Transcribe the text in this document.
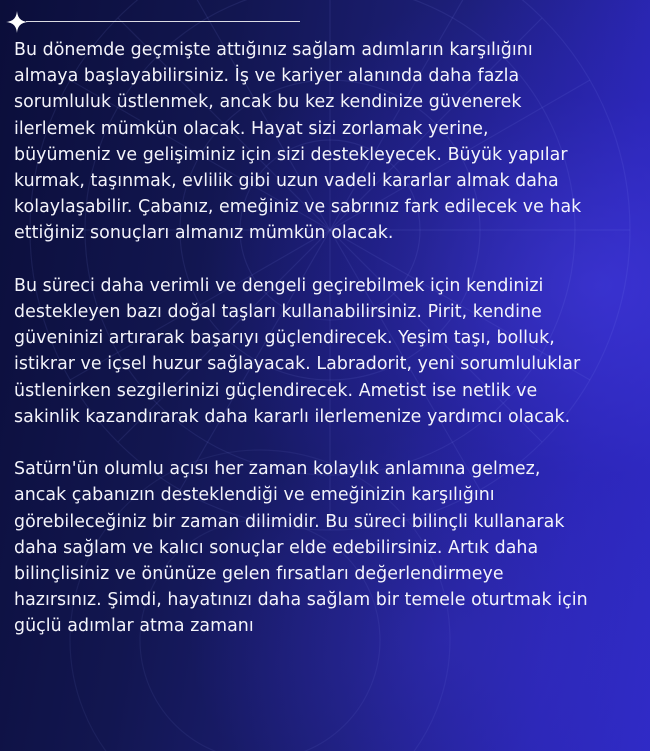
Bu dönemde geçmişte attığınız sağlam adımların karşılığını
almaya başlayabilirsiniz. İş ve kariyer alanında daha fazla
sorumluluk üstlenmek, ancak bu kez kendinize güvenerek
ilerlemek mümkün olacak. Hayat sizi zorlamak yerine,
büyümeniz ve gelişiminiz için sizi destekleyecek. Büyük yapılar
kurmak, taşınmak, evlilik gibi uzun vadeli kararlar almak daha
kolaylaşabilir. Çabanız, emeğiniz ve sabrınız fark edilecek ve hak
ettiğiniz sonuçları almanız mümkün olacak.

Bu süreci daha verimli ve dengeli geçirebilmek için kendinizi
destekleyen bazı doğal taşları kullanabilirsiniz. Pirit, kendine
güveninizi artırarak başarıyı güçlendirecek. Yeşim taşı, bolluk,
istikrar ve içsel huzur sağlayacak. Labradorit, yeni sorumluluklar
üstlenirken sezgilerinizi güçlendirecek. Ametist ise netlik ve
sakinlik kazandırarak daha kararlı ilerlemenize yardımcı olacak.

Satürn'ün olumlu açısı her zaman kolaylık anlamına gelmez,
ancak çabanızın desteklendiği ve emeğinizin karşılığını
görebileceğiniz bir zaman dilimidir. Bu süreci bilinçli kullanarak
daha sağlam ve kalıcı sonuçlar elde edebilirsiniz. Artık daha
bilinçlisiniz ve önünüze gelen fırsatları değerlendirmeye
hazırsınız. Şimdi, hayatınızı daha sağlam bir temele oturtmak için
güçlü adımlar atma zamanı
